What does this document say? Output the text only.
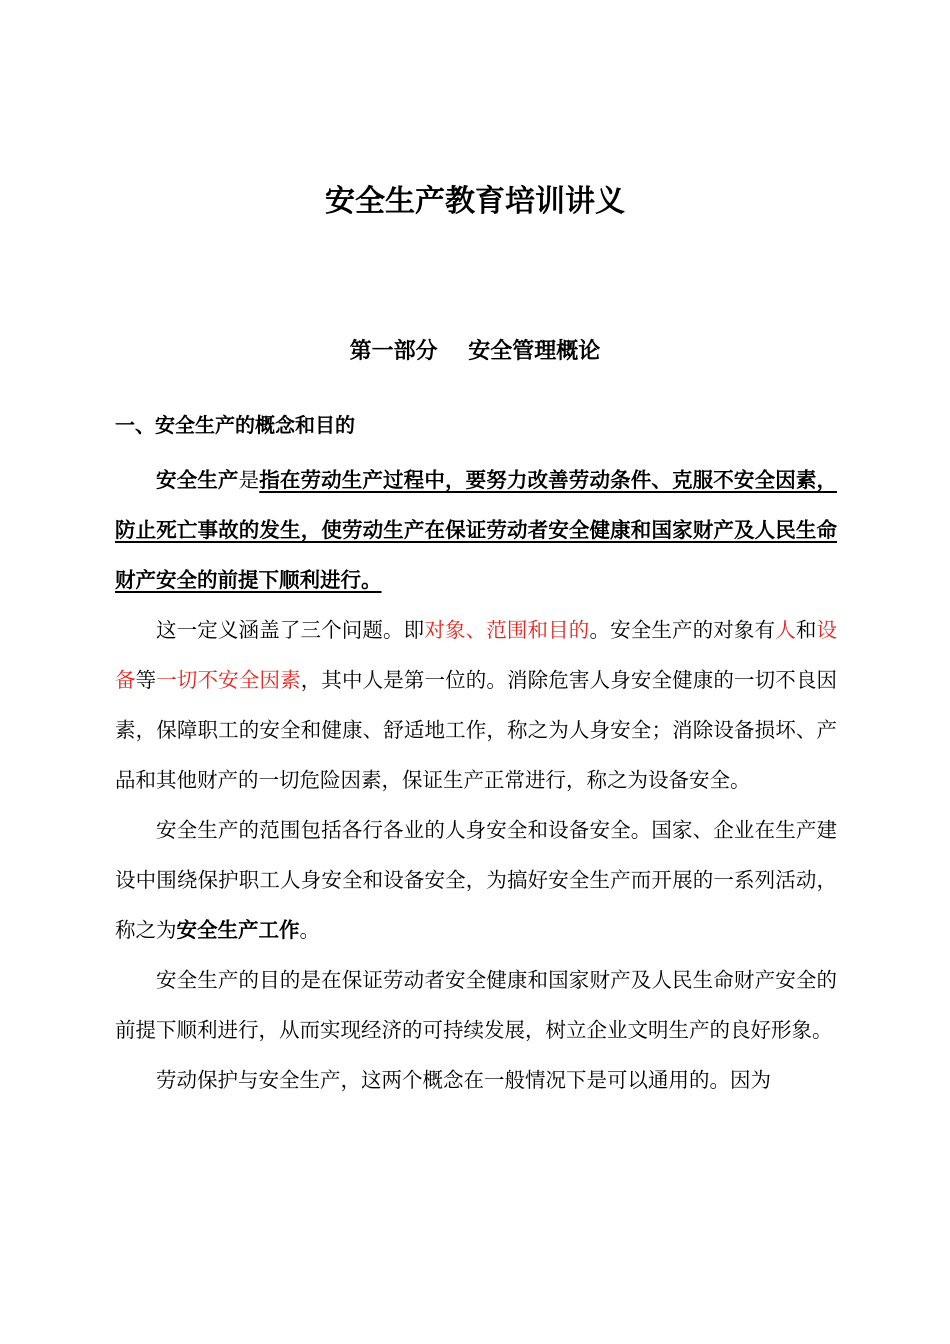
安全生产教育培训讲义
第一部分    安全管理概论
一、安全生产的概念和目的

安全生产是指在劳动生产过程中，要努力改善劳动条件、克服不安全因素，防止死亡事故的发生，使劳动生产在保证劳动者安全健康和国家财产及人民生命财产安全的前提下顺利进行。

这一定义涵盖了三个问题。即对象、范围和目的。安全生产的对象有人和设备等一切不安全因素，其中人是第一位的。消除危害人身安全健康的一切不良因素，保障职工的安全和健康、舒适地工作，称之为人身安全；消除设备损坏、产品和其他财产的一切危险因素，保证生产正常进行，称之为设备安全。

安全生产的范围包括各行各业的人身安全和设备安全。国家、企业在生产建设中围绕保护职工人身安全和设备安全，为搞好安全生产而开展的一系列活动，称之为安全生产工作。

安全生产的目的是在保证劳动者安全健康和国家财产及人民生命财产安全的前提下顺利进行，从而实现经济的可持续发展，树立企业文明生产的良好形象。

劳动保护与安全生产，这两个概念在一般情况下是可以通用的。因为
